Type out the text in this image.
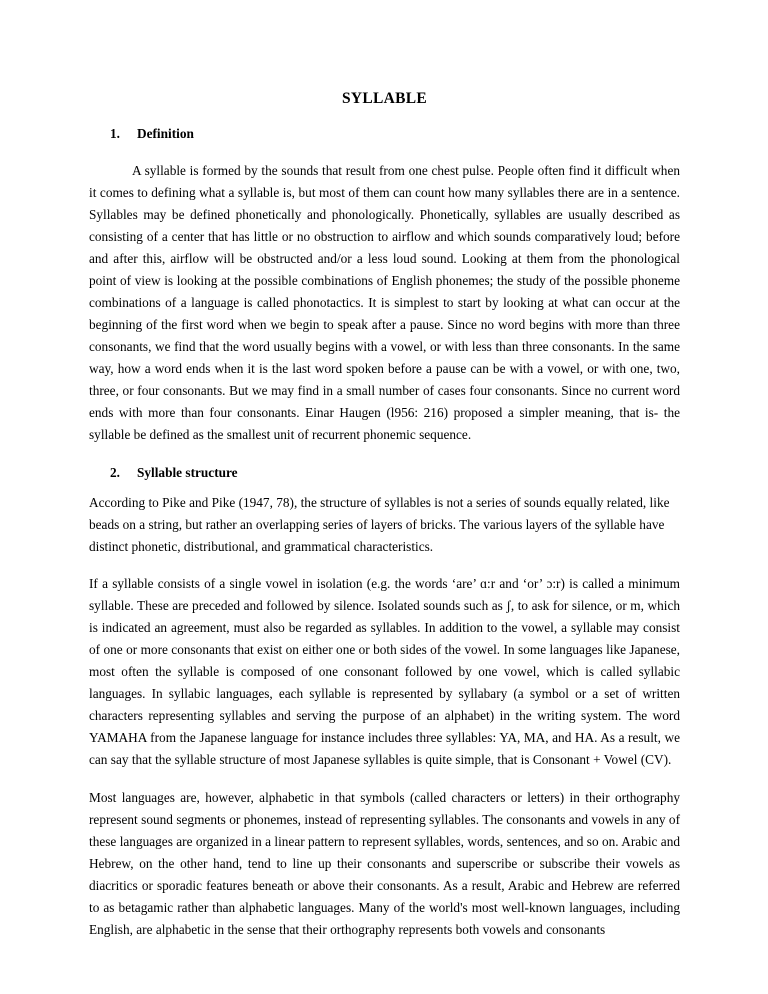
SYLLABLE
1.	Definition

A syllable is formed by the sounds that result from one chest pulse. People often find it difficult when it comes to defining what a syllable is, but most of them can count how many syllables there are in a sentence. Syllables may be defined phonetically and phonologically. Phonetically, syllables are usually described as consisting of a center that has little or no obstruction to airflow and which sounds comparatively loud; before and after this, airflow will be obstructed and/or a less loud sound. Looking at them from the phonological point of view is looking at the possible combinations of English phonemes; the study of the possible phoneme combinations of a language is called phonotactics. It is simplest to start by looking at what can occur at the beginning of the first word when we begin to speak after a pause. Since no word begins with more than three consonants, we find that the word usually begins with a vowel, or with less than three consonants. In the same way, how a word ends when it is the last word spoken before a pause can be with a vowel, or with one, two, three, or four consonants. But we may find in a small number of cases four consonants. Since no current word ends with more than four consonants. Einar Haugen (l956: 216) proposed a simpler meaning, that is- the syllable be defined as the smallest unit of recurrent phonemic sequence.

2.	Syllable structure

According to Pike and Pike (1947, 78), the structure of syllables is not a series of sounds equally related, like beads on a string, but rather an overlapping series of layers of bricks. The various layers of the syllable have distinct phonetic, distributional, and grammatical characteristics.

If a syllable consists of a single vowel in isolation (e.g. the words ‘are’ ɑ:r and ‘or’ ɔ:r) is called a minimum syllable. These are preceded and followed by silence. Isolated sounds such as ʃ, to ask for silence, or m, which is indicated an agreement, must also be regarded as syllables. In addition to the vowel, a syllable may consist of one or more consonants that exist on either one or both sides of the vowel. In some languages like Japanese, most often the syllable is composed of one consonant followed by one vowel, which is called syllabic languages. In syllabic languages, each syllable is represented by syllabary (a symbol or a set of written characters representing syllables and serving the purpose of an alphabet) in the writing system. The word YAMAHA from the Japanese language for instance includes three syllables: YA, MA, and HA. As a result, we can say that the syllable structure of most Japanese syllables is quite simple, that is Consonant + Vowel (CV).

Most languages are, however, alphabetic in that symbols (called characters or letters) in their orthography represent sound segments or phonemes, instead of representing syllables. The consonants and vowels in any of these languages are organized in a linear pattern to represent syllables, words, sentences, and so on. Arabic and Hebrew, on the other hand, tend to line up their consonants and superscribe or subscribe their vowels as diacritics or sporadic features beneath or above their consonants. As a result, Arabic and Hebrew are referred to as betagamic rather than alphabetic languages. Many of the world's most well-known languages, including English, are alphabetic in the sense that their orthography represents both vowels and consonants
